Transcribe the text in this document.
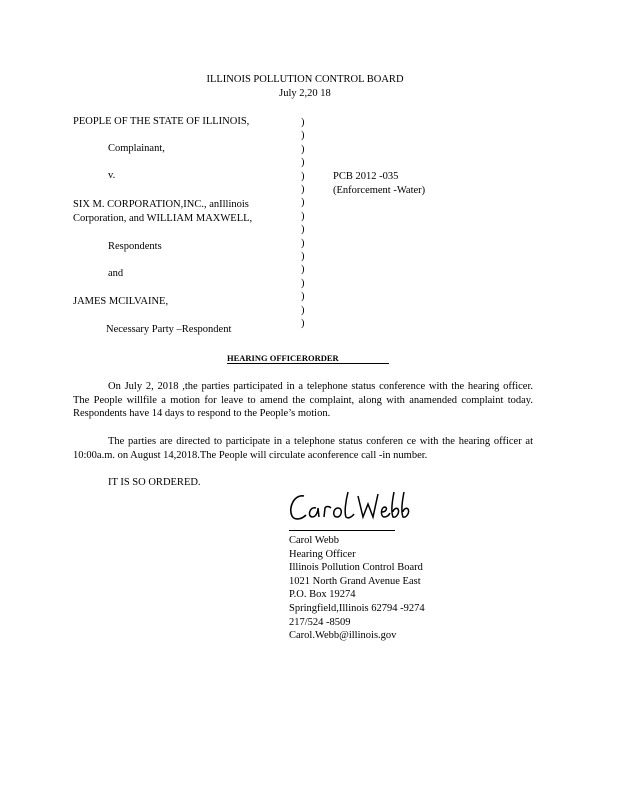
ILLINOIS POLLUTION CONTROL BOARD
July 2,20 18
PEOPLE OF THE STATE OF ILLINOIS,
Complainant,
v.
SIX M. CORPORATION,INC., anIllinois
Corporation, and WILLIAM MAXWELL,
Respondents
and
JAMES MCILVAINE,
Necessary Party –Respondent
)
)
)
)
)
)
)
)
)
)
)
)
)
)
)
)
PCB 2012 -035
(Enforcement -Water)
HEARING OFFICERORDER
On July 2, 2018 ,the parties participated in a telephone status conference with the hearing officer. The People willfile a motion for leave to amend the complaint, along with anamended complaint today. Respondents have 14 days to respond to the People’s motion.
The parties are directed to participate in a telephone status conferen ce with the hearing officer at 10:00a.m. on August 14,2018.The People will circulate aconference call -in number.
IT IS SO ORDERED.
Carol Webb
Hearing Officer
Illinois Pollution Control Board
1021 North Grand Avenue East
P.O. Box 19274
Springfield,Illinois 62794 -9274
217/524 -8509
Carol.Webb@illinois.gov
